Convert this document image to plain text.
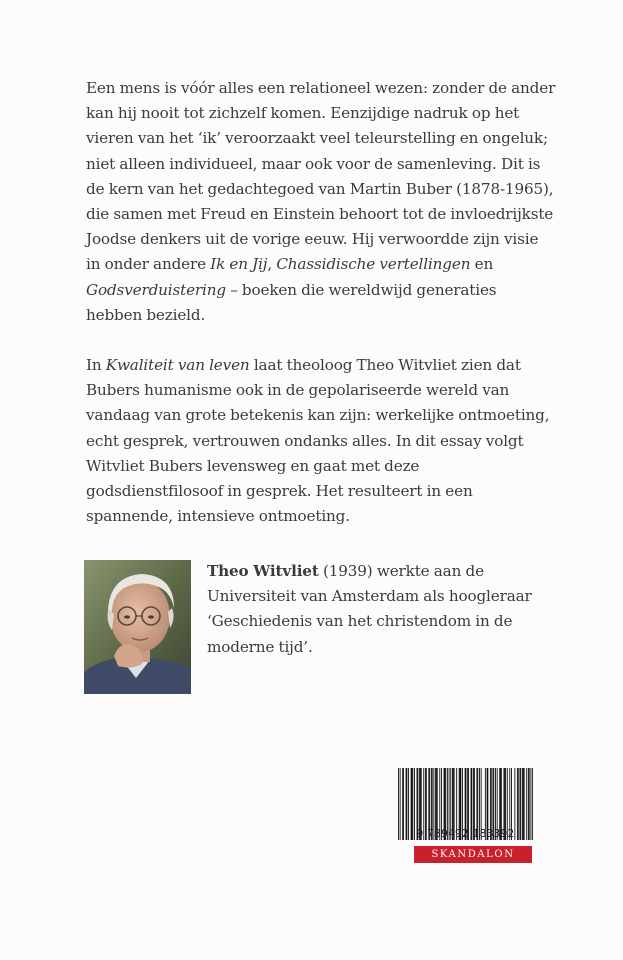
Een mens is vóór alles een relationeel wezen: zonder de ander kan hij nooit tot zichzelf komen. Eenzijdige nadruk op het vieren van het ‘ik’ veroorzaakt veel teleurstelling en ongeluk; niet alleen individueel, maar ook voor de samenleving. Dit is de kern van het gedachtegoed van Martin Buber (1878-1965), die samen met Freud en Einstein behoort tot de invloedrijkste Joodse denkers uit de vorige eeuw. Hij verwoordde zijn visie in onder andere Ik en Jij, Chassidische vertellingen en Godsverduistering – boeken die wereldwijd generaties hebben bezield.

In Kwaliteit van leven laat theoloog Theo Witvliet zien dat Bubers humanisme ook in de gepolariseerde wereld van vandaag van grote betekenis kan zijn: werkelijke ontmoeting, echt gesprek, vertrouwen ondanks alles. In dit essay volgt Witvliet Bubers levensweg en gaat met deze godsdienstfilosoof in gesprek. Het resulteert in een spannende, intensieve ontmoeting.

Theo Witvliet (1939) werkte aan de Universiteit van Amsterdam als hoogleraar ‘Geschiedenis van het christendom in de moderne tijd’.

9 789492 183392
SKANDALON
